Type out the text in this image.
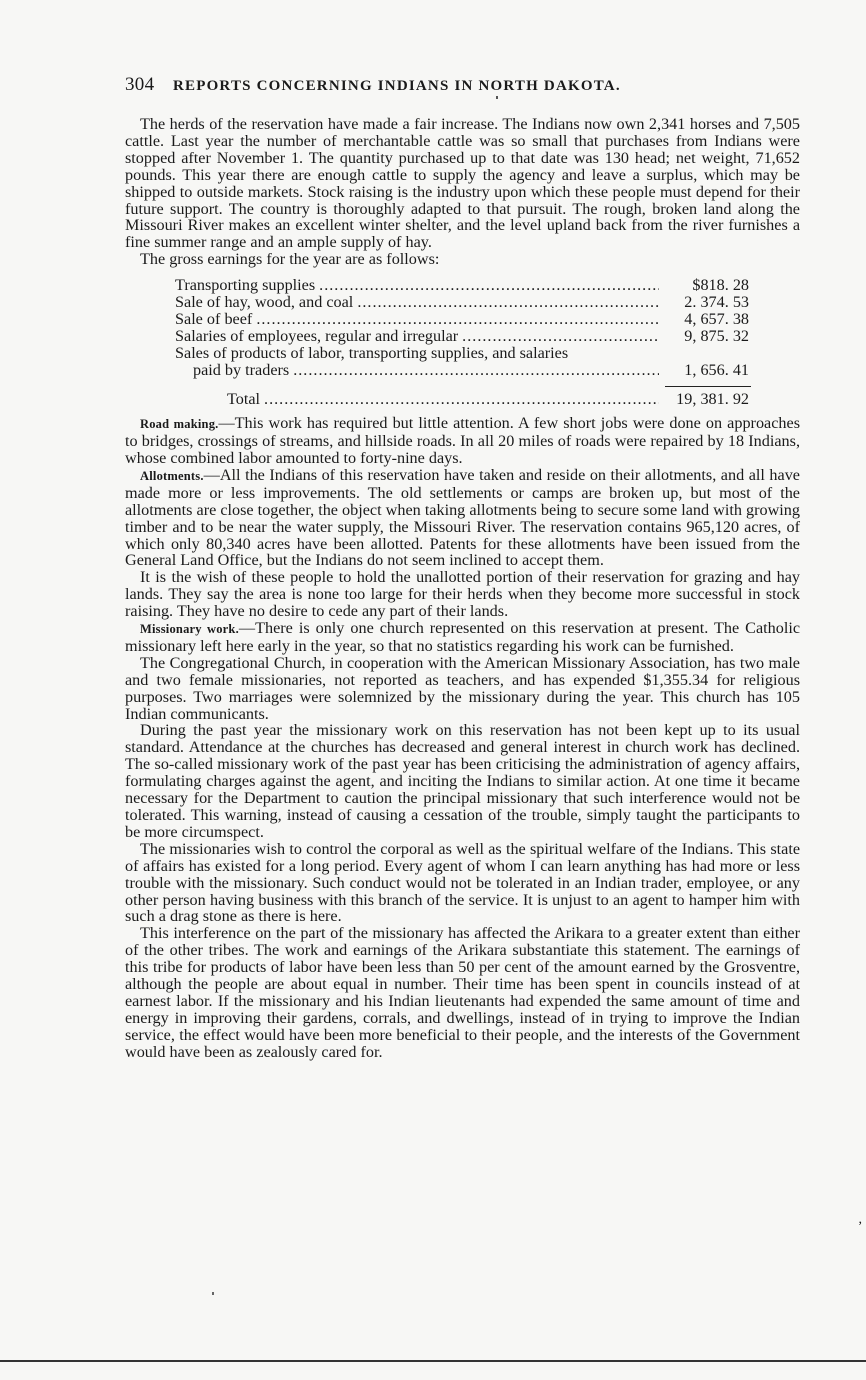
304 REPORTS CONCERNING INDIANS IN NORTH DAKOTA.

The herds of the reservation have made a fair increase. The Indians now own 2,341 horses and 7,505 cattle. Last year the number of merchantable cattle was so small that purchases from Indians were stopped after November 1. The quantity purchased up to that date was 130 head; net weight, 71,652 pounds. This year there are enough cattle to supply the agency and leave a surplus, which may be shipped to outside markets. Stock raising is the industry upon which these people must depend for their future support. The country is thoroughly adapted to that pursuit. The rough, broken land along the Missouri River makes an excellent winter shelter, and the level upland back from the river furnishes a fine summer range and an ample supply of hay.

The gross earnings for the year are as follows:

Transporting supplies .....	$818. 28
Sale of hay, wood, and coal .....	2. 374. 53
Sale of beef .....	4, 657. 38
Salaries of employees, regular and irregular .....	9, 875. 32
Sales of products of labor, transporting supplies, and salaries
paid by traders .....	1, 656. 41
Total .....	19, 381. 92

Road making.—This work has required but little attention. A few short jobs were done on approaches to bridges, crossings of streams, and hillside roads. In all 20 miles of roads were repaired by 18 Indians, whose combined labor amounted to forty-nine days.

Allotments.—All the Indians of this reservation have taken and reside on their allotments, and all have made more or less improvements. The old settlements or camps are broken up, but most of the allotments are close together, the object when taking allotments being to secure some land with growing timber and to be near the water supply, the Missouri River. The reservation contains 965,120 acres, of which only 80,340 acres have been allotted. Patents for these allotments have been issued from the General Land Office, but the Indians do not seem inclined to accept them.

It is the wish of these people to hold the unallotted portion of their reservation for grazing and hay lands. They say the area is none too large for their herds when they become more successful in stock raising. They have no desire to cede any part of their lands.

Missionary work.—There is only one church represented on this reservation at present. The Catholic missionary left here early in the year, so that no statistics regarding his work can be furnished.

The Congregational Church, in cooperation with the American Missionary Association, has two male and two female missionaries, not reported as teachers, and has expended $1,355.34 for religious purposes. Two marriages were solemnized by the missionary during the year. This church has 105 Indian communicants.

During the past year the missionary work on this reservation has not been kept up to its usual standard. Attendance at the churches has decreased and general interest in church work has declined. The so-called missionary work of the past year has been criticising the administration of agency affairs, formulating charges against the agent, and inciting the Indians to similar action. At one time it became necessary for the Department to caution the principal missionary that such interference would not be tolerated. This warning, instead of causing a cessation of the trouble, simply taught the participants to be more circumspect.

The missionaries wish to control the corporal as well as the spiritual welfare of the Indians. This state of affairs has existed for a long period. Every agent of whom I can learn anything has had more or less trouble with the missionary. Such conduct would not be tolerated in an Indian trader, employee, or any other person having business with this branch of the service. It is unjust to an agent to hamper him with such a drag stone as there is here.

This interference on the part of the missionary has affected the Arikara to a greater extent than either of the other tribes. The work and earnings of the Arikara substantiate this statement. The earnings of this tribe for products of labor have been less than 50 per cent of the amount earned by the Grosventre, although the people are about equal in number. Their time has been spent in councils instead of at earnest labor. If the missionary and his Indian lieutenants had expended the same amount of time and energy in improving their gardens, corrals, and dwellings, instead of in trying to improve the Indian service, the effect would have been more beneficial to their people, and the interests of the Government would have been as zealously cared for.

,
